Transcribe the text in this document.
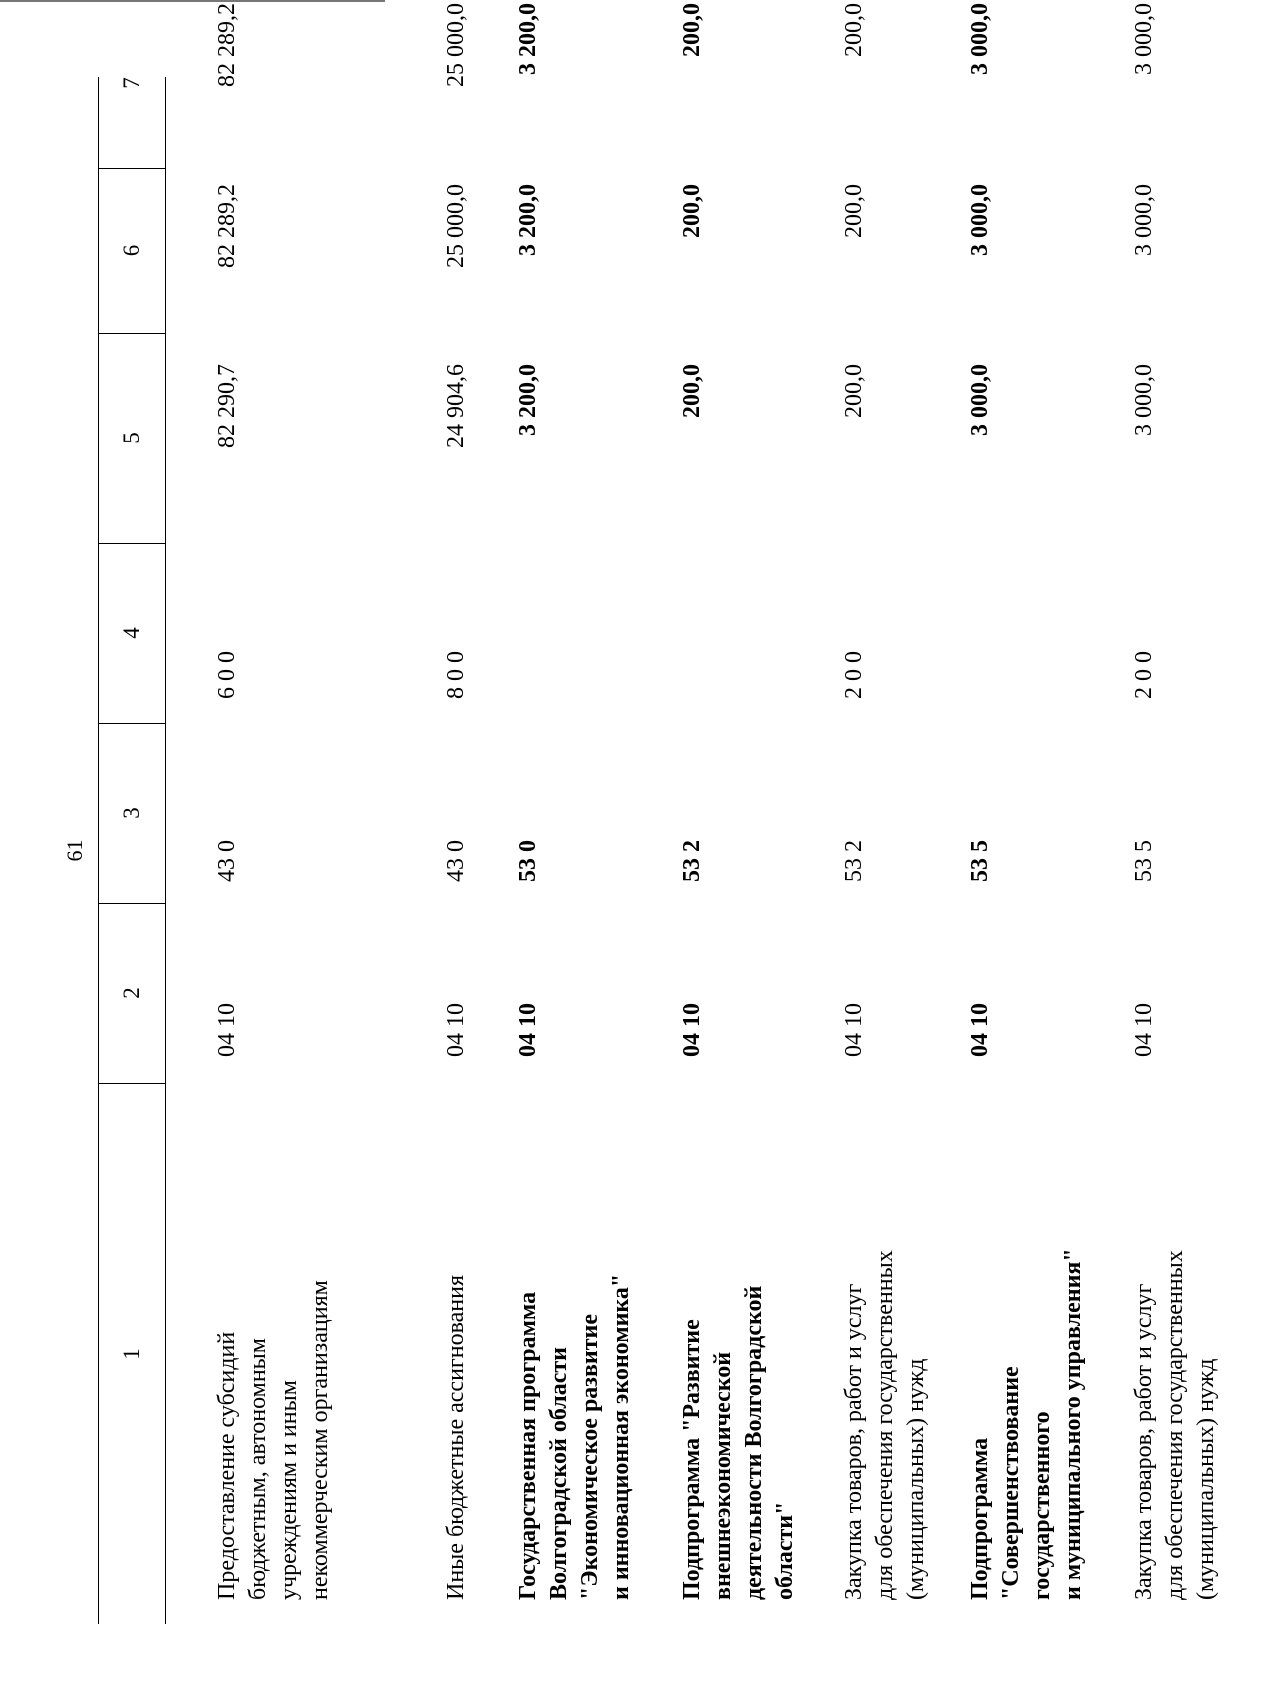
61
1
2
3
4
5
6
7
Предоставление субсидий бюджетным, автономным учреждениям и иным некоммерческим организациям
04 10
43 0
600
82 290,7
82 289,2
82 289,2
Иные бюджетные ассигнования
04 10
43 0
800
24 904,6
25 000,0
25 000,0
Государственная программа Волгоградской области "Экономическое развитие и инновационная экономика"
04 10
53 0
3 200,0
3 200,0
3 200,0
Подпрограмма "Развитие внешнеэкономической деятельности Волгоградской области"
04 10
53 2
200,0
200,0
200,0
Закупка товаров, работ и услуг для обеспечения государственных (муниципальных) нужд
04 10
53 2
200
200,0
200,0
200,0
Подпрограмма "Совершенствование государственного и муниципального управления"
04 10
53 5
3 000,0
3 000,0
3 000,0
Закупка товаров, работ и услуг для обеспечения государственных (муниципальных) нужд
04 10
53 5
200
3 000,0
3 000,0
3 000,0
